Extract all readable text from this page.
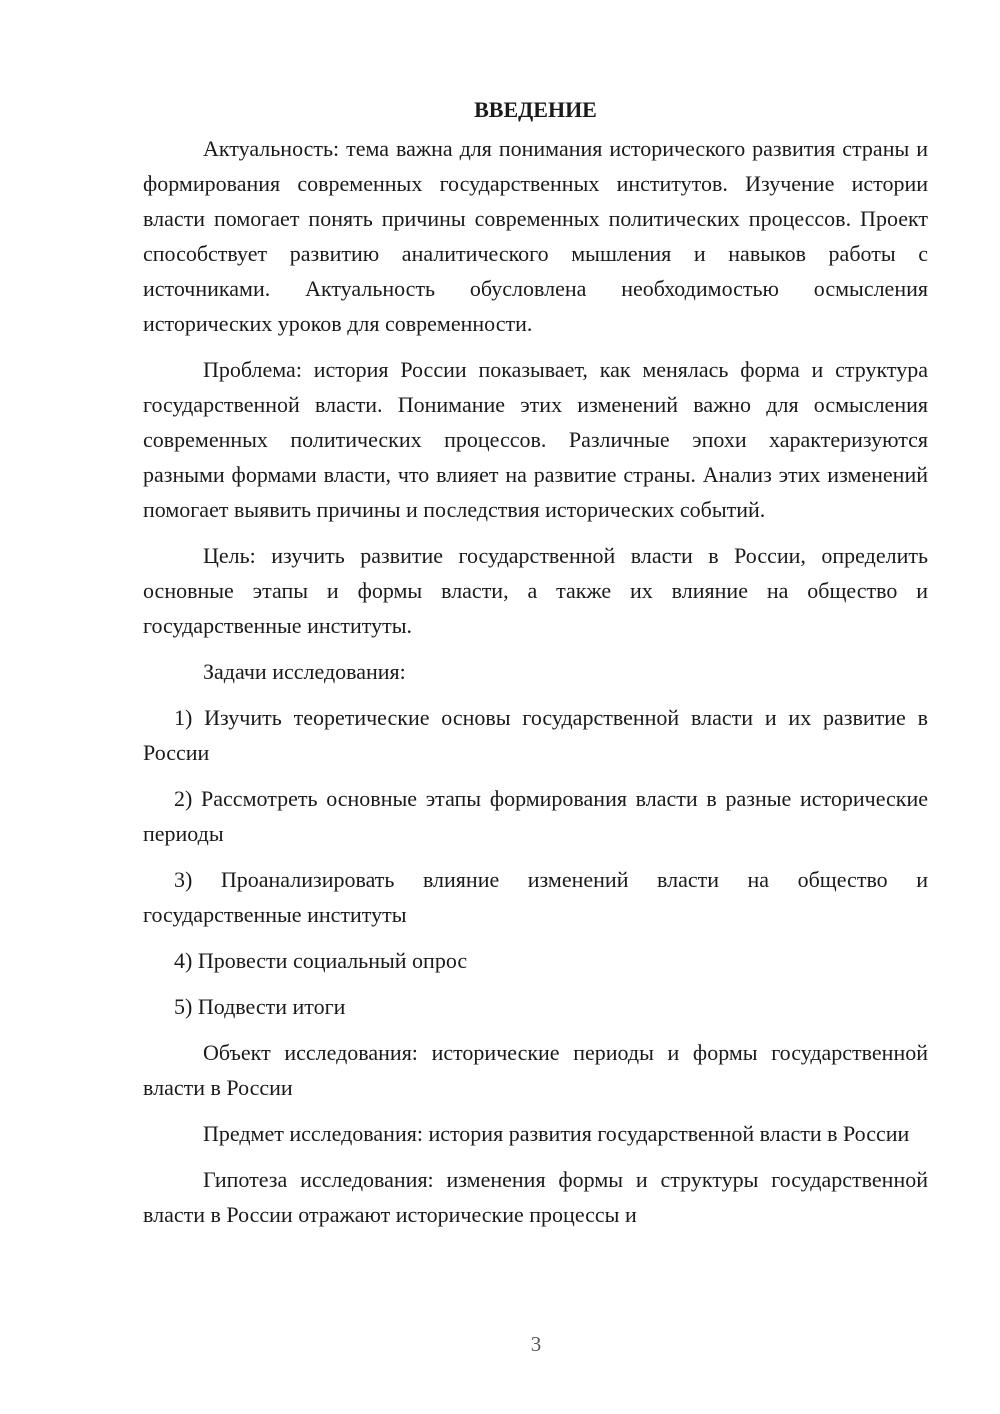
ВВЕДЕНИЕ

Актуальность: тема важна для понимания исторического развития страны и формирования современных государственных институтов. Изучение истории власти помогает понять причины современных политических процессов. Проект способствует развитию аналитического мышления и навыков работы с источниками. Актуальность обусловлена необходимостью осмысления исторических уроков для современности.

Проблема: история России показывает, как менялась форма и структура государственной власти. Понимание этих изменений важно для осмысления современных политических процессов. Различные эпохи характеризуются разными формами власти, что влияет на развитие страны. Анализ этих изменений помогает выявить причины и последствия исторических событий.

Цель: изучить развитие государственной власти в России, определить основные этапы и формы власти, а также их влияние на общество и государственные институты.

Задачи исследования:

1) Изучить теоретические основы государственной власти и их развитие в России

2) Рассмотреть основные этапы формирования власти в разные исторические периоды

3) Проанализировать влияние изменений власти на общество и государственные институты

4) Провести социальный опрос

5) Подвести итоги

Объект исследования: исторические периоды и формы государственной власти в России

Предмет исследования: история развития государственной власти в России

Гипотеза исследования: изменения формы и структуры государственной власти в России отражают исторические процессы и

3
